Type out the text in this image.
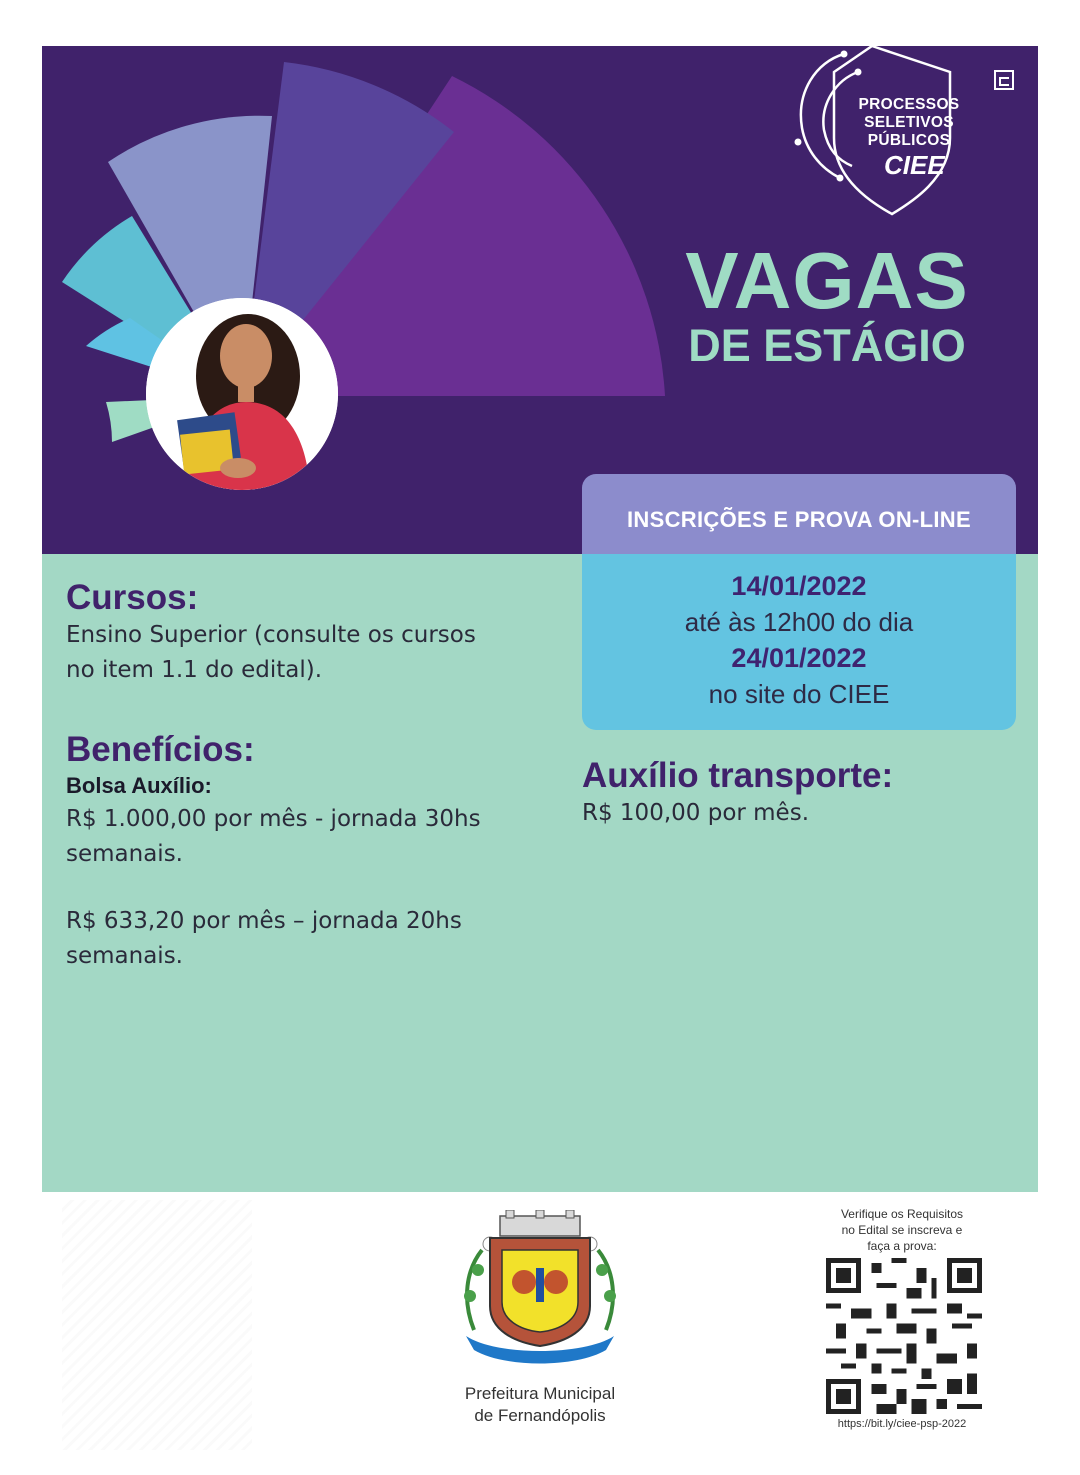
PROCESSOS
SELETIVOS
PÚBLICOS
CIEE
VAGAS
DE ESTÁGIO
INSCRIÇÕES E PROVA ON-LINE
14/01/2022
até às 12h00 do dia
24/01/2022
no site do CIEE
Cursos:
Ensino Superior (consulte os cursos
no item 1.1 do edital).
Benefícios:
Bolsa Auxílio:
R$ 1.000,00 por mês - jornada 30hs
semanais.
R$ 633,20 por mês – jornada 20hs
semanais.
Auxílio transporte:
R$ 100,00 por mês.
Prefeitura Municipal
de Fernandópolis
Verifique os Requisitos
no Edital se inscreva e
faça a prova:
https://bit.ly/ciee-psp-2022
